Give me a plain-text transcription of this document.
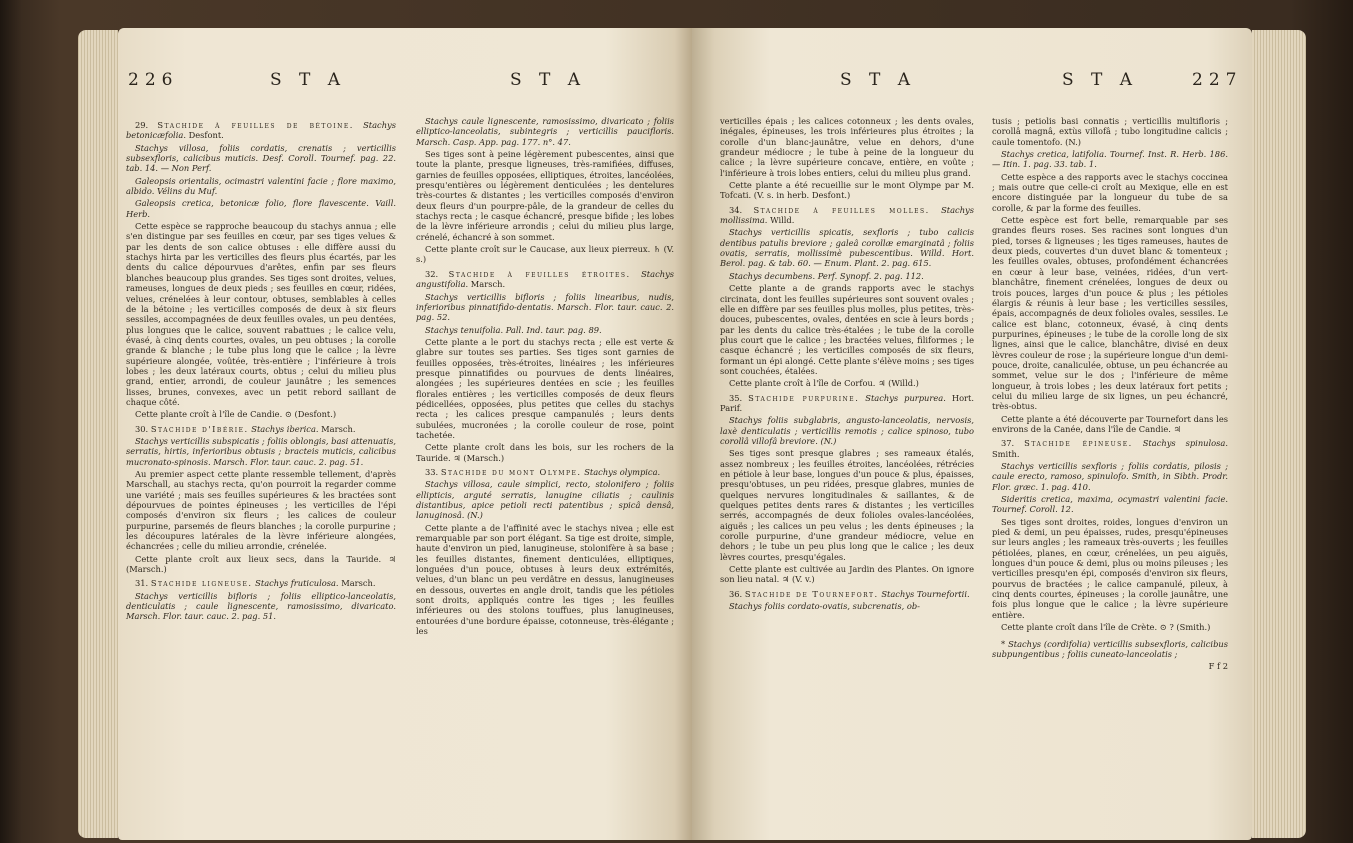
226	S T A	S T A

29. Stachide à feuilles de bétoine. Stachys betonicæfolia. Desfont.

Stachys villosa, foliis cordatis, crenatis ; verticillis subsexfloris, calicibus muticis. Desf. Coroll. Tournef. pag. 22. tab. 14. — Non Perf.

Galeopsis orientalis, ocimastri valentini facie ; flore maximo, albido. Vélins du Muf.

Galeopsis cretica, betonicæ folio, flore flavescente. Vaill. Herb.

Cette espèce se rapproche beaucoup du stachys annua ; elle s'en distingue par ses feuilles en cœur, par ses tiges velues & par les dents de son calice obtuses : elle diffère aussi du stachys hirta par les verticilles des fleurs plus écartés, par les dents du calice dépourvues d'arêtes, enfin par ses fleurs blanches beaucoup plus grandes. Ses tiges sont droites, velues, rameuses, longues de deux pieds ; ses feuilles en cœur, ridées, velues, crénelées à leur contour, obtuses, semblables à celles de la bétoine ; les verticilles composés de deux à six fleurs sessiles, accompagnées de deux feuilles ovales, un peu dentées, plus longues que le calice, souvent rabattues ; le calice velu, évasé, à cinq dents courtes, ovales, un peu obtuses ; la corolle grande & blanche ; le tube plus long que le calice ; la lèvre supérieure alongée, voûtée, très-entière ; l'inférieure à trois lobes ; les deux latéraux courts, obtus ; celui du milieu plus grand, entier, arrondi, de couleur jaunâtre ; les semences lisses, brunes, convexes, avec un petit rebord saillant de chaque côté.

Cette plante croît à l'île de Candie. ⊙ (Desfont.)

30. Stachide d'Ibérie. Stachys iberica. Marsch.

Stachys verticillis subspicatis ; foliis oblongis, basi attenuatis, serratis, hirtis, inferioribus obtusis ; bracteis muticis, calicibus mucronato-spinosis. Marsch. Flor. taur. cauc. 2. pag. 51.

Au premier aspect cette plante ressemble tellement, d'après Marschall, au stachys recta, qu'on pourroit la regarder comme une variété ; mais ses feuilles supérieures & les bractées sont dépourvues de pointes épineuses ; les verticilles de l'épi composés d'environ six fleurs ; les calices de couleur purpurine, parsemés de fleurs blanches ; la corolle purpurine ; les découpures latérales de la lèvre inférieure alongées, échancrées ; celle du milieu arrondie, crénelée.

Cette plante croît aux lieux secs, dans la Tauride. ♃ (Marsch.)

31. Stachide ligneuse. Stachys fruticulosa. Marsch.

Stachys verticillis bifloris ; foliis elliptico-lanceolatis, denticulatis ; caule lignescente, ramosissimo, divaricato. Marsch. Flor. taur. cauc. 2. pag. 51.

Stachys caule lignescente, ramosissimo, divaricato ; foliis elliptico-lanceolatis, subintegris ; verticillis paucifloris. Marsch. Casp. App. pag. 177. n°. 47.

Ses tiges sont à peine légèrement pubescentes, ainsi que toute la plante, presque ligneuses, très-ramifiées, diffuses, garnies de feuilles opposées, elliptiques, étroites, lancéolées, presqu'entières ou légèrement denticulées ; les dentelures très-courtes & distantes ; les verticilles composés d'environ deux fleurs d'un pourpre-pâle, de la grandeur de celles du stachys recta ; le casque échancré, presque bifide ; les lobes de la lèvre inférieure arrondis ; celui du milieu plus large, crénelé, échancré à son sommet.

Cette plante croît sur le Caucase, aux lieux pierreux. ♄ (V. s.)

32. Stachide à feuilles étroites. Stachys angustifolia. Marsch.

Stachys verticillis bifloris ; foliis linearibus, nudis, inferioribus pinnatifido-dentatis. Marsch. Flor. taur. cauc. 2. pag. 52.

Stachys tenuifolia. Pall. Ind. taur. pag. 89.

Cette plante a le port du stachys recta ; elle est verte & glabre sur toutes ses parties. Ses tiges sont garnies de feuilles opposées, très-étroites, linéaires ; les inférieures presque pinnatifides ou pourvues de dents linéaires, alongées ; les supérieures dentées en scie ; les feuilles florales entières ; les verticilles composés de deux fleurs pédicellées, opposées, plus petites que celles du stachys recta ; les calices presque campanulés ; leurs dents subulées, mucronées ; la corolle couleur de rose, point tachetée.

Cette plante croît dans les bois, sur les rochers de la Tauride. ♃ (Marsch.)

33. Stachide du mont Olympe. Stachys olympica.

Stachys villosa, caule simplici, recto, stolonifero ; foliis ellipticis, arguté serratis, lanugine ciliatis ; caulinis distantibus, apice petioli recti patentibus ; spicâ densâ, lanuginosâ. (N.)

Cette plante a de l'affinité avec le stachys nivea ; elle est remarquable par son port élégant. Sa tige est droite, simple, haute d'environ un pied, lanugineuse, stolonifère à sa base ; les feuilles distantes, finement denticulées, elliptiques, longuées d'un pouce, obtuses à leurs deux extrémités, velues, d'un blanc un peu verdâtre en dessus, lanugineuses en dessous, ouvertes en angle droit, tandis que les pétioles sont droits, appliqués contre les tiges ; les feuilles inférieures ou des stolons touffues, plus lanugineuses, entourées d'une bordure épaisse, cotonneuse, très-élégante ; les

S T A	S T A	227

verticilles épais ; les calices cotonneux ; les dents ovales, inégales, épineuses, les trois inférieures plus étroites ; la corolle d'un blanc-jaunâtre, velue en dehors, d'une grandeur médiocre ; le tube à peine de la longueur du calice ; la lèvre supérieure concave, entière, en voûte ; l'inférieure à trois lobes entiers, celui du milieu plus grand.

Cette plante a été recueillie sur le mont Olympe par M. Tofcati. (V. s. in herb. Desfont.)

34. Stachide à feuilles molles. Stachys mollissima. Willd.

Stachys verticillis spicatis, sexfloris ; tubo calicis dentibus patulis breviore ; galeâ corollæ emarginatâ ; foliis ovatis, serratis, mollissimè pubescentibus. Willd. Hort. Berol. pag. & tab. 60. — Enum. Plant. 2. pag. 615.

Stachys decumbens. Perf. Synopf. 2. pag. 112.

Cette plante a de grands rapports avec le stachys circinata, dont les feuilles supérieures sont souvent ovales ; elle en diffère par ses feuilles plus molles, plus petites, très-douces, pubescentes, ovales, dentées en scie à leurs bords ; par les dents du calice très-étalées ; le tube de la corolle plus court que le calice ; les bractées velues, filiformes ; le casque échancré ; les verticilles composés de six fleurs, formant un épi alongé. Cette plante s'élève moins ; ses tiges sont couchées, étalées.

Cette plante croît à l'île de Corfou. ♃ (Willd.)

35. Stachide purpurine. Stachys purpurea. Hort. Parif.

Stachys foliis subglabris, angusto-lanceolatis, nervosis, laxè denticulatis ; verticillis remotis ; calice spinoso, tubo corollâ villofâ breviore. (N.)

Ses tiges sont presque glabres ; ses rameaux étalés, assez nombreux ; les feuilles étroites, lancéolées, rétrécies en pétiole à leur base, longues d'un pouce & plus, épaisses, presqu'obtuses, un peu ridées, presque glabres, munies de quelques nervures longitudinales & saillantes, & de quelques petites dents rares & distantes ; les verticilles serrés, accompagnés de deux folioles ovales-lancéolées, aiguës ; les calices un peu velus ; les dents épineuses ; la corolle purpurine, d'une grandeur médiocre, velue en dehors ; le tube un peu plus long que le calice ; les deux lèvres courtes, presqu'égales.

Cette plante est cultivée au Jardin des Plantes. On ignore son lieu natal. ♃ (V. v.)

36. Stachide de Tournefort. Stachys Tournefortii.

Stachys foliis cordato-ovatis, subcrenatis, ob-

tusis ; petiolis basi connatis ; verticillis multifloris ; corollâ magnâ, extùs villofâ ; tubo longitudine calicis ; caule tomentofo. (N.)

Stachys cretica, latifolia. Tournef. Inst. R. Herb. 186. — Itin. 1. pag. 33. tab. 1.

Cette espèce a des rapports avec le stachys coccinea ; mais outre que celle-ci croît au Mexique, elle en est encore distinguée par la longueur du tube de sa corolle, & par la forme des feuilles.

Cette espèce est fort belle, remarquable par ses grandes fleurs roses. Ses racines sont longues d'un pied, torses & ligneuses ; les tiges rameuses, hautes de deux pieds, couvertes d'un duvet blanc & tomenteux ; les feuilles ovales, obtuses, profondément échancrées en cœur à leur base, veinées, ridées, d'un vert-blanchâtre, finement crénelées, longues de deux ou trois pouces, larges d'un pouce & plus ; les pétioles élargis & réunis à leur base ; les verticilles sessiles, épais, accompagnés de deux folioles ovales, sessiles. Le calice est blanc, cotonneux, évasé, à cinq dents purpurines, épineuses ; le tube de la corolle long de six lignes, ainsi que le calice, blanchâtre, divisé en deux lèvres couleur de rose ; la supérieure longue d'un demi-pouce, droite, canaliculée, obtuse, un peu échancrée au sommet, velue sur le dos ; l'inférieure de même longueur, à trois lobes ; les deux latéraux fort petits ; celui du milieu large de six lignes, un peu échancré, très-obtus.

Cette plante a été découverte par Tournefort dans les environs de la Canée, dans l'île de Candie. ♃

37. Stachide épineuse. Stachys spinulosa. Smith.

Stachys verticillis sexfloris ; foliis cordatis, pilosis ; caule erecto, ramoso, spinulofo. Smith, in Sibth. Prodr. Flor. græc. 1. pag. 410.

Sideritis cretica, maxima, ocymastri valentini facie. Tournef. Coroll. 12.

Ses tiges sont droites, roides, longues d'environ un pied & demi, un peu épaisses, rudes, presqu'épineuses sur leurs angles ; les rameaux très-ouverts ; les feuilles pétiolées, planes, en cœur, crénelées, un peu aiguës, longues d'un pouce & demi, plus ou moins pileuses ; les verticilles presqu'en épi, composés d'environ six fleurs, pourvus de bractées ; le calice campanulé, pileux, à cinq dents courtes, épineuses ; la corolle jaunâtre, une fois plus longue que le calice ; la lèvre supérieure entière.

Cette plante croît dans l'île de Crète. ⊙ ? (Smith.)

* Stachys (cordifolia) verticillis subsexfloris, calicibus subpungentibus ; foliis cuneato-lanceolatis ;

F f 2
